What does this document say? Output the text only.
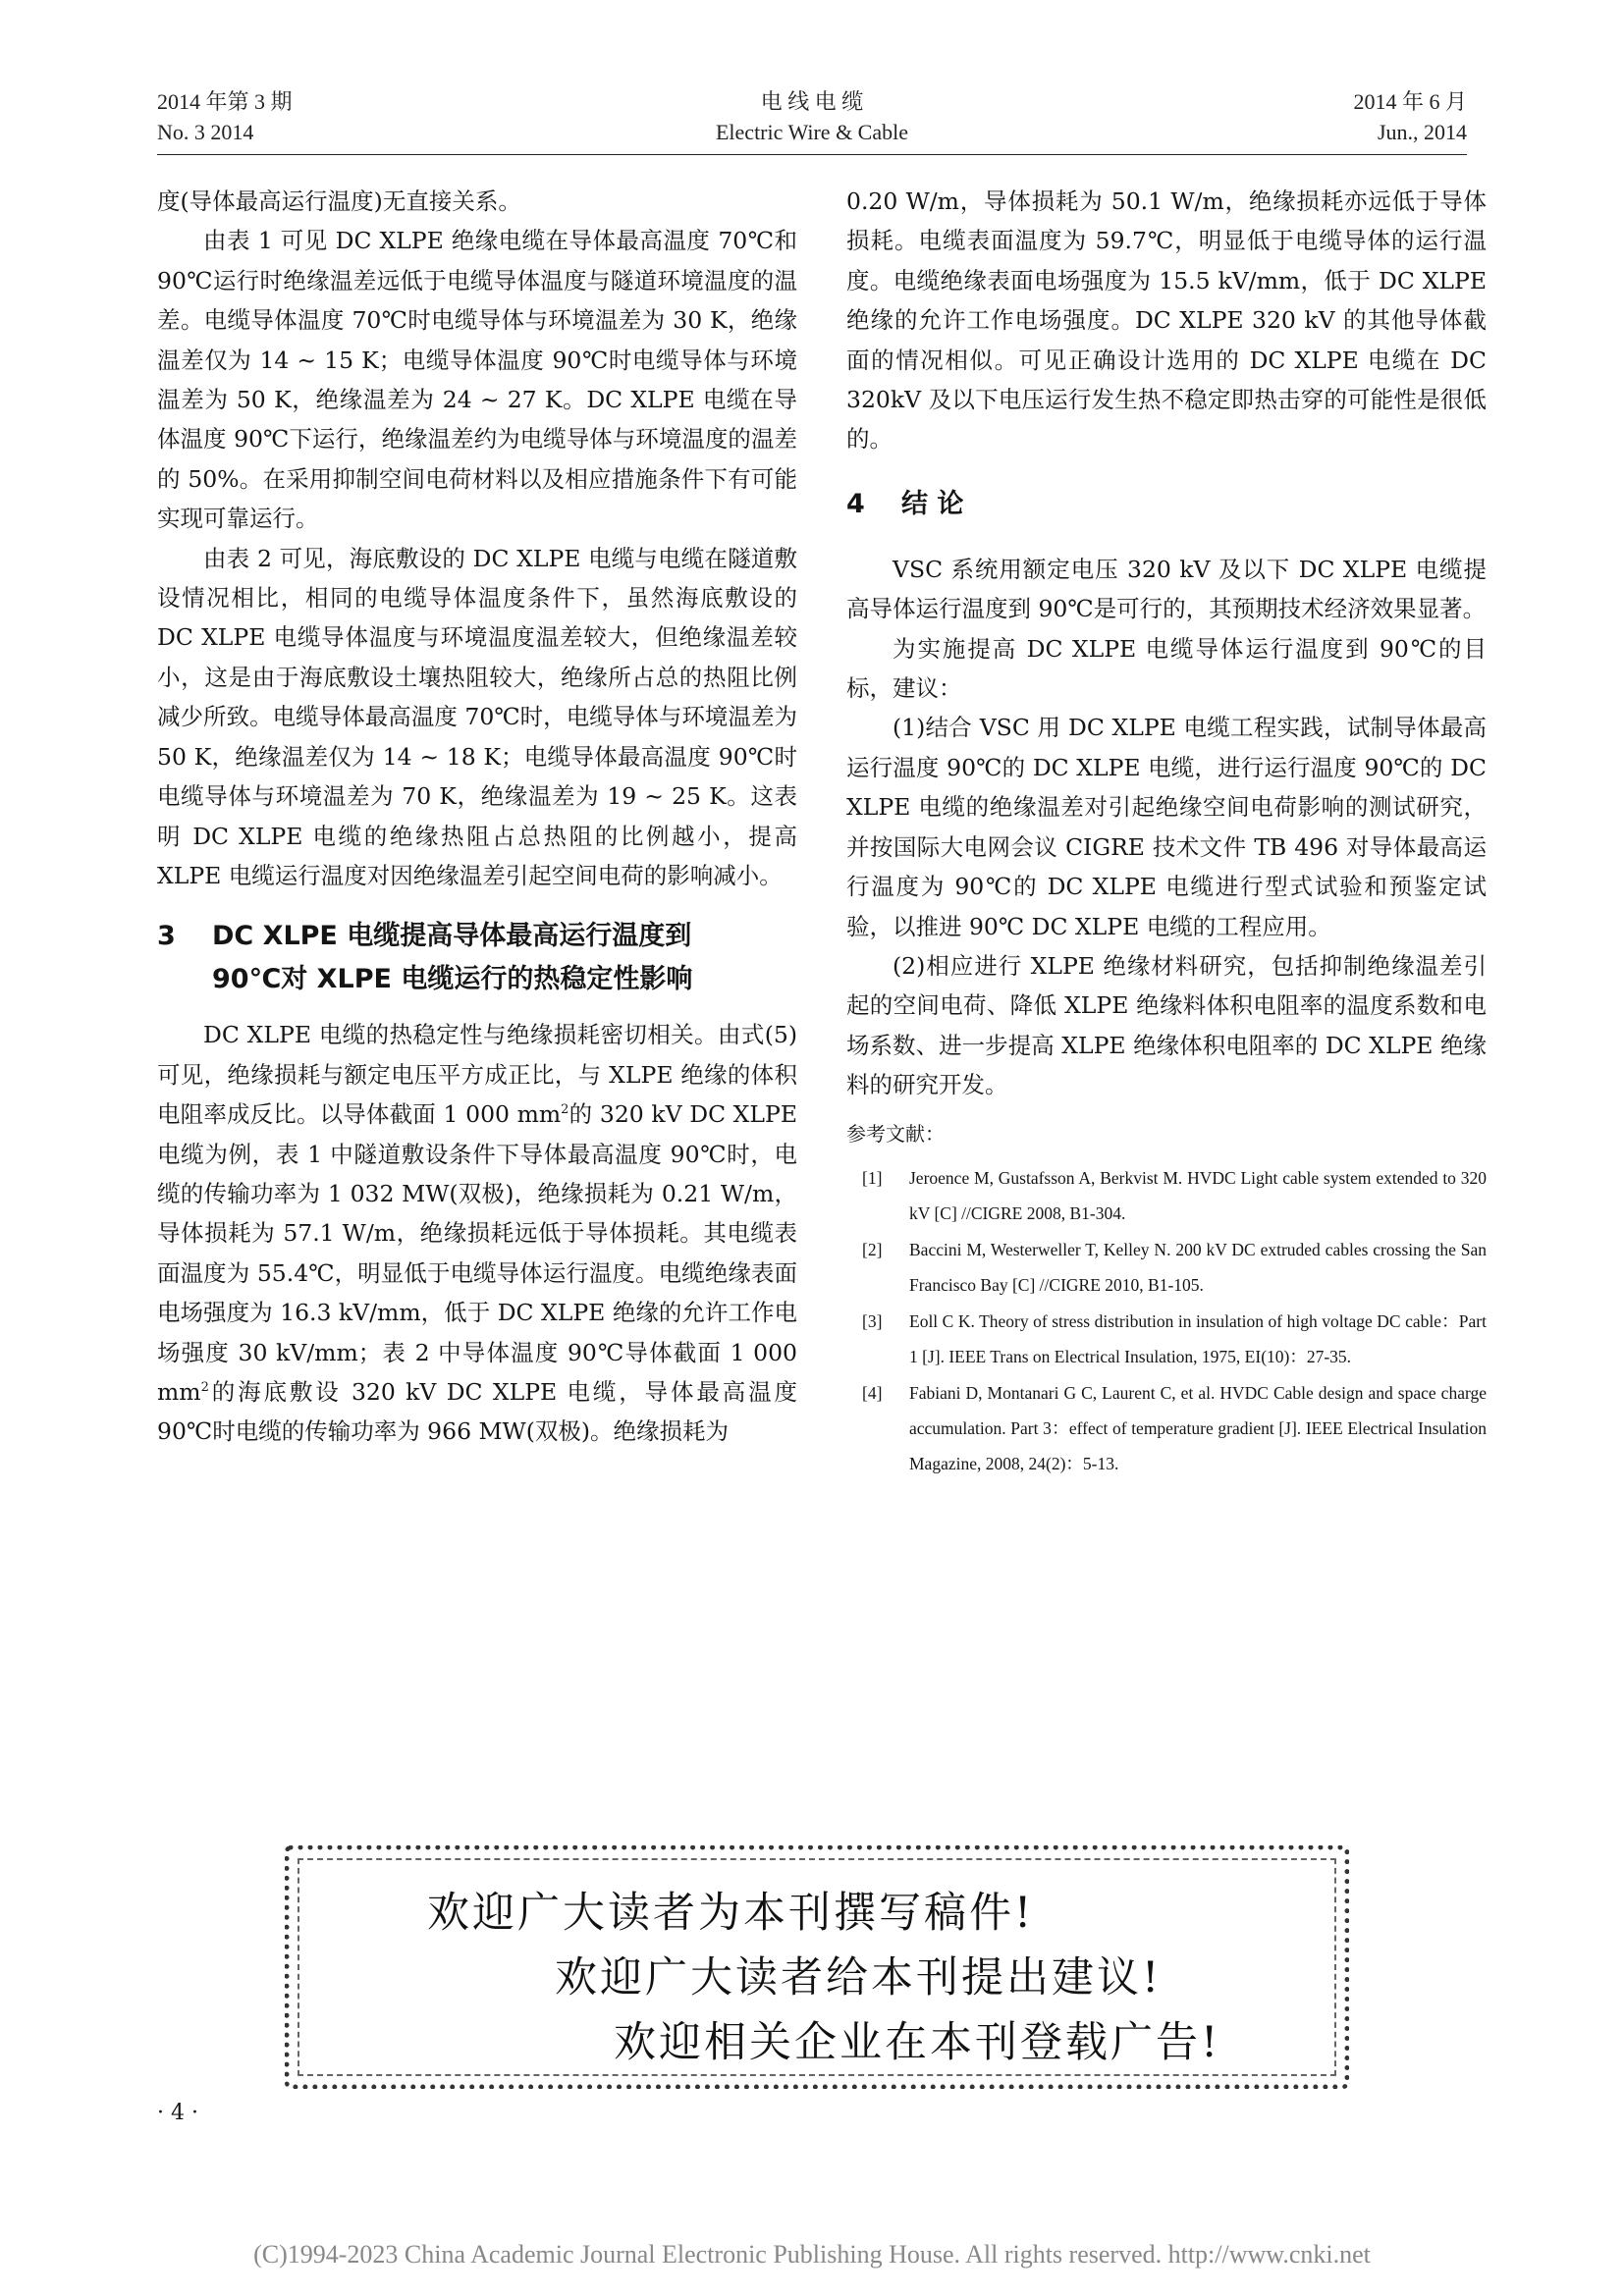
2014 年第 3 期
No. 3 2014
电 线 电 缆
Electric Wire & Cable
2014 年 6 月
Jun., 2014

度(导体最高运行温度)无直接关系。

由表 1 可见 DC XLPE 绝缘电缆在导体最高温度 70℃和 90℃运行时绝缘温差远低于电缆导体温度与隧道环境温度的温差。电缆导体温度 70℃时电缆导体与环境温差为 30 K，绝缘温差仅为 14 ~ 15 K；电缆导体温度 90℃时电缆导体与环境温差为 50 K，绝缘温差为 24 ~ 27 K。DC XLPE 电缆在导体温度 90℃下运行，绝缘温差约为电缆导体与环境温度的温差的 50%。在采用抑制空间电荷材料以及相应措施条件下有可能实现可靠运行。

由表 2 可见，海底敷设的 DC XLPE 电缆与电缆在隧道敷设情况相比，相同的电缆导体温度条件下，虽然海底敷设的 DC XLPE 电缆导体温度与环境温度温差较大，但绝缘温差较小，这是由于海底敷设土壤热阻较大，绝缘所占总的热阻比例减少所致。电缆导体最高温度 70℃时，电缆导体与环境温差为 50 K，绝缘温差仅为 14 ~ 18 K；电缆导体最高温度 90℃时电缆导体与环境温差为 70 K，绝缘温差为 19 ~ 25 K。这表明 DC XLPE 电缆的绝缘热阻占总热阻的比例越小，提高 XLPE 电缆运行温度对因绝缘温差引起空间电荷的影响减小。

3 DC XLPE 电缆提高导体最高运行温度到
90℃对 XLPE 电缆运行的热稳定性影响

DC XLPE 电缆的热稳定性与绝缘损耗密切相关。由式(5)可见，绝缘损耗与额定电压平方成正比，与 XLPE 绝缘的体积电阻率成反比。以导体截面 1 000 $mm^2$的 320 kV DC XLPE 电缆为例，表 1 中隧道敷设条件下导体最高温度 90℃时，电缆的传输功率为 1 032 MW(双极)，绝缘损耗为 0.21 W/m，导体损耗为 57.1 W/m，绝缘损耗远低于导体损耗。其电缆表面温度为 55.4℃，明显低于电缆导体运行温度。电缆绝缘表面电场强度为 16.3 kV/mm，低于 DC XLPE 绝缘的允许工作电场强度 30 kV/mm；表 2 中导体温度 90℃导体截面 1 000 $mm^2$的海底敷设 320 kV DC XLPE 电缆，导体最高温度 90℃时电缆的传输功率为 966 MW(双极)。绝缘损耗为

0.20 W/m，导体损耗为 50.1 W/m，绝缘损耗亦远低于导体损耗。电缆表面温度为 59.7℃，明显低于电缆导体的运行温度。电缆绝缘表面电场强度为 15.5 kV/mm，低于 DC XLPE 绝缘的允许工作电场强度。DC XLPE 320 kV 的其他导体截面的情况相似。可见正确设计选用的 DC XLPE 电缆在 DC 320kV 及以下电压运行发生热不稳定即热击穿的可能性是很低的。

4 结 论

VSC 系统用额定电压 320 kV 及以下 DC XLPE 电缆提高导体运行温度到 90℃是可行的，其预期技术经济效果显著。

为实施提高 DC XLPE 电缆导体运行温度到 90℃的目标，建议：

(1)结合 VSC 用 DC XLPE 电缆工程实践，试制导体最高运行温度 90℃的 DC XLPE 电缆，进行运行温度 90℃的 DC XLPE 电缆的绝缘温差对引起绝缘空间电荷影响的测试研究，并按国际大电网会议 CIGRE 技术文件 TB 496 对导体最高运行温度为 90℃的 DC XLPE 电缆进行型式试验和预鉴定试验，以推进 90℃ DC XLPE 电缆的工程应用。

(2)相应进行 XLPE 绝缘材料研究，包括抑制绝缘温差引起的空间电荷、降低 XLPE 绝缘料体积电阻率的温度系数和电场系数、进一步提高 XLPE 绝缘体积电阻率的 DC XLPE 绝缘料的研究开发。

参考文献：
[1] Jeroence M, Gustafsson A, Berkvist M. HVDC Light cable system extended to 320 kV [C] //CIGRE 2008, B1-304.
[2] Baccini M, Westerweller T, Kelley N. 200 kV DC extruded cables crossing the San Francisco Bay [C] //CIGRE 2010, B1-105.
[3] Eoll C K. Theory of stress distribution in insulation of high voltage DC cable：Part 1 [J]. IEEE Trans on Electrical Insulation, 1975, EI(10)：27-35.
[4] Fabiani D, Montanari G C, Laurent C, et al. HVDC Cable design and space charge accumulation. Part 3：effect of temperature gradient [J]. IEEE Electrical Insulation Magazine, 2008, 24(2)：5-13.
欢迎广大读者为本刊撰写稿件!
欢迎广大读者给本刊提出建议!
欢迎相关企业在本刊登载广告!
· 4 ·
(C)1994-2023 China Academic Journal Electronic Publishing House. All rights reserved. http://www.cnki.net
